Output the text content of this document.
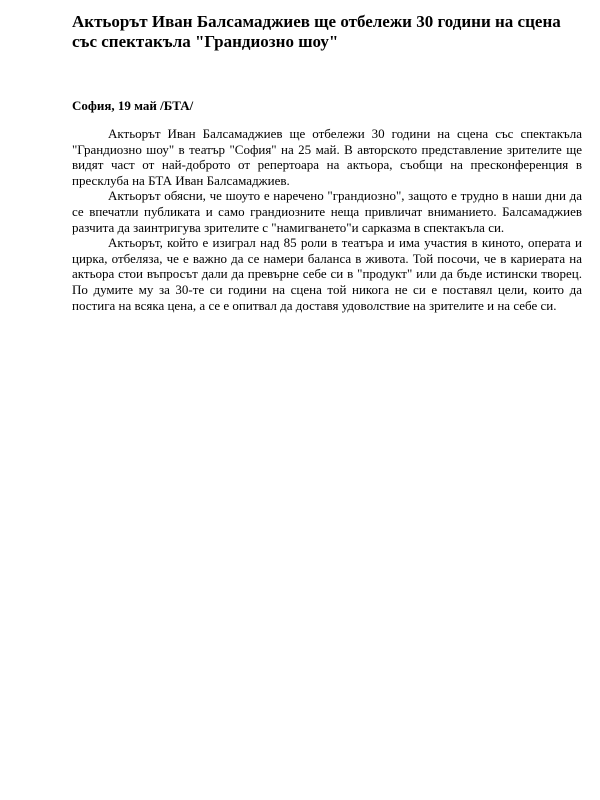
Актьорът Иван Балсамаджиев ще отбележи 30 години на сцена със спектакъла "Грандиозно шоу"
София, 19 май /БТА/

Актьорът Иван Балсамаджиев ще отбележи 30 години на сцена със спектакъла "Грандиозно шоу" в театър "София" на 25 май. В авторското представление зрителите ще видят част от най-доброто от репертоара на актьора, съобщи на пресконференция в пресклуба на БТА Иван Балсамаджиев.

Актьорът обясни, че шоуто е наречено "грандиозно", защото е трудно в наши дни да се впечатли публиката и само грандиозните неща привличат вниманието. Балсамаджиев разчита да заинтригува зрителите с "намигването"и сарказма в спектакъла си.

Актьорът, който е изиграл над 85 роли в театъра и има участия в киното, операта и цирка, отбеляза, че е важно да се намери баланса в живота. Той посочи, че в кариерата на актьора стои въпросът дали да превърне себе си в "продукт" или да бъде истински творец. По думите му за 30-те си години на сцена той никога не си е поставял цели, които да постига на всяка цена, а се е опитвал да доставя удоволствие на зрителите и на себе си.
